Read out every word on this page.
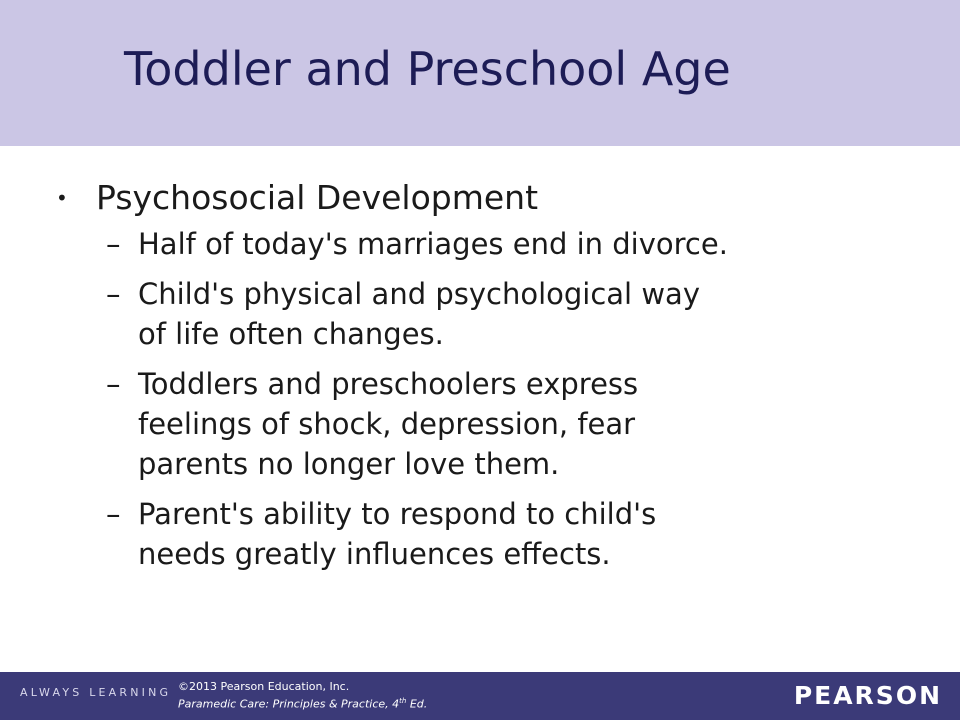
Toddler and Preschool Age
• Psychosocial Development
– Half of today's marriages end in divorce.
– Child's physical and psychological way
of life often changes.
– Toddlers and preschoolers express
feelings of shock, depression, fear
parents no longer love them.
– Parent's ability to respond to child's
needs greatly influences effects.
ALWAYS LEARNING ©2013 Pearson Education, Inc.
Paramedic Care: Principles & Practice, 4th Ed.	PEARSON
